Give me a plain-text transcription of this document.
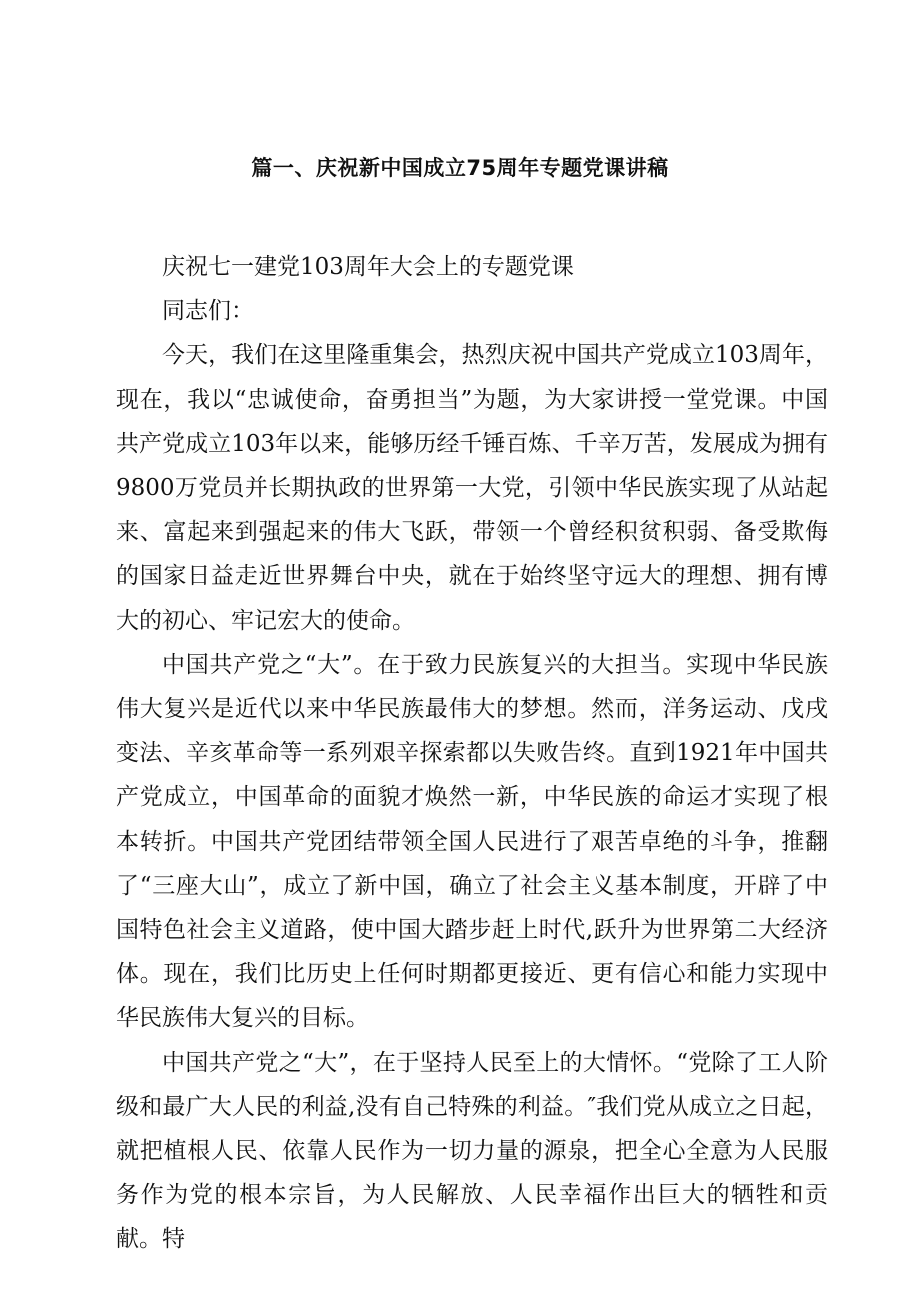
篇一、庆祝新中国成立75周年专题党课讲稿

庆祝七一建党103周年大会上的专题党课

同志们：

今天，我们在这里隆重集会，热烈庆祝中国共产党成立103周年，现在，我以“忠诚使命，奋勇担当”为题，为大家讲授一堂党课。中国共产党成立103年以来，能够历经千锤百炼、千辛万苦，发展成为拥有9800万党员并长期执政的世界第一大党，引领中华民族实现了从站起来、富起来到强起来的伟大飞跃，带领一个曾经积贫积弱、备受欺侮的国家日益走近世界舞台中央，就在于始终坚守远大的理想、拥有博大的初心、牢记宏大的使命。

中国共产党之“大”。在于致力民族复兴的大担当。实现中华民族伟大复兴是近代以来中华民族最伟大的梦想。然而，洋务运动、戊戌变法、辛亥革命等一系列艰辛探索都以失败告终。直到1921年中国共产党成立，中国革命的面貌才焕然一新，中华民族的命运才实现了根本转折。中国共产党团结带领全国人民进行了艰苦卓绝的斗争，推翻了“三座大山”，成立了新中国，确立了社会主义基本制度，开辟了中国特色社会主义道路，使中国大踏步赶上时代,跃升为世界第二大经济体。现在，我们比历史上任何时期都更接近、更有信心和能力实现中华民族伟大复兴的目标。

中国共产党之“大”，在于坚持人民至上的大情怀。“党除了工人阶级和最广大人民的利益,没有自己特殊的利益。″我们党从成立之日起，就把植根人民、依靠人民作为一切力量的源泉，把全心全意为人民服务作为党的根本宗旨，为人民解放、人民幸福作出巨大的牺牲和贡献。特
